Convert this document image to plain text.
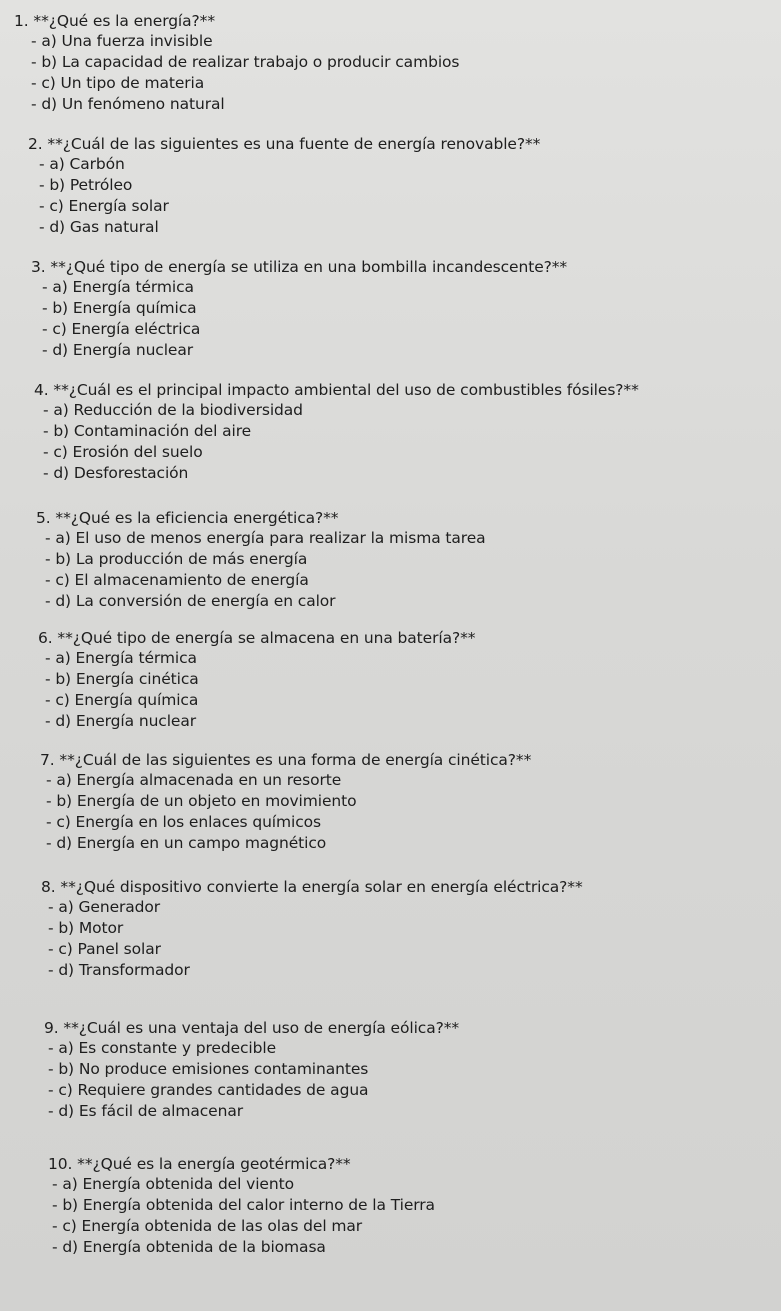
1. **¿Qué es la energía?**
- a) Una fuerza invisible
- b) La capacidad de realizar trabajo o producir cambios
- c) Un tipo de materia
- d) Un fenómeno natural
2. **¿Cuál de las siguientes es una fuente de energía renovable?**
- a) Carbón
- b) Petróleo
- c) Energía solar
- d) Gas natural
3. **¿Qué tipo de energía se utiliza en una bombilla incandescente?**
- a) Energía térmica
- b) Energía química
- c) Energía eléctrica
- d) Energía nuclear
4. **¿Cuál es el principal impacto ambiental del uso de combustibles fósiles?**
- a) Reducción de la biodiversidad
- b) Contaminación del aire
- c) Erosión del suelo
- d) Desforestación
5. **¿Qué es la eficiencia energética?**
- a) El uso de menos energía para realizar la misma tarea
- b) La producción de más energía
- c) El almacenamiento de energía
- d) La conversión de energía en calor
6. **¿Qué tipo de energía se almacena en una batería?**
- a) Energía térmica
- b) Energía cinética
- c) Energía química
- d) Energía nuclear
7. **¿Cuál de las siguientes es una forma de energía cinética?**
- a) Energía almacenada en un resorte
- b) Energía de un objeto en movimiento
- c) Energía en los enlaces químicos
- d) Energía en un campo magnético
8. **¿Qué dispositivo convierte la energía solar en energía eléctrica?**
- a) Generador
- b) Motor
- c) Panel solar
- d) Transformador
9. **¿Cuál es una ventaja del uso de energía eólica?**
- a) Es constante y predecible
- b) No produce emisiones contaminantes
- c) Requiere grandes cantidades de agua
- d) Es fácil de almacenar
10. **¿Qué es la energía geotérmica?**
- a) Energía obtenida del viento
- b) Energía obtenida del calor interno de la Tierra
- c) Energía obtenida de las olas del mar
- d) Energía obtenida de la biomasa
